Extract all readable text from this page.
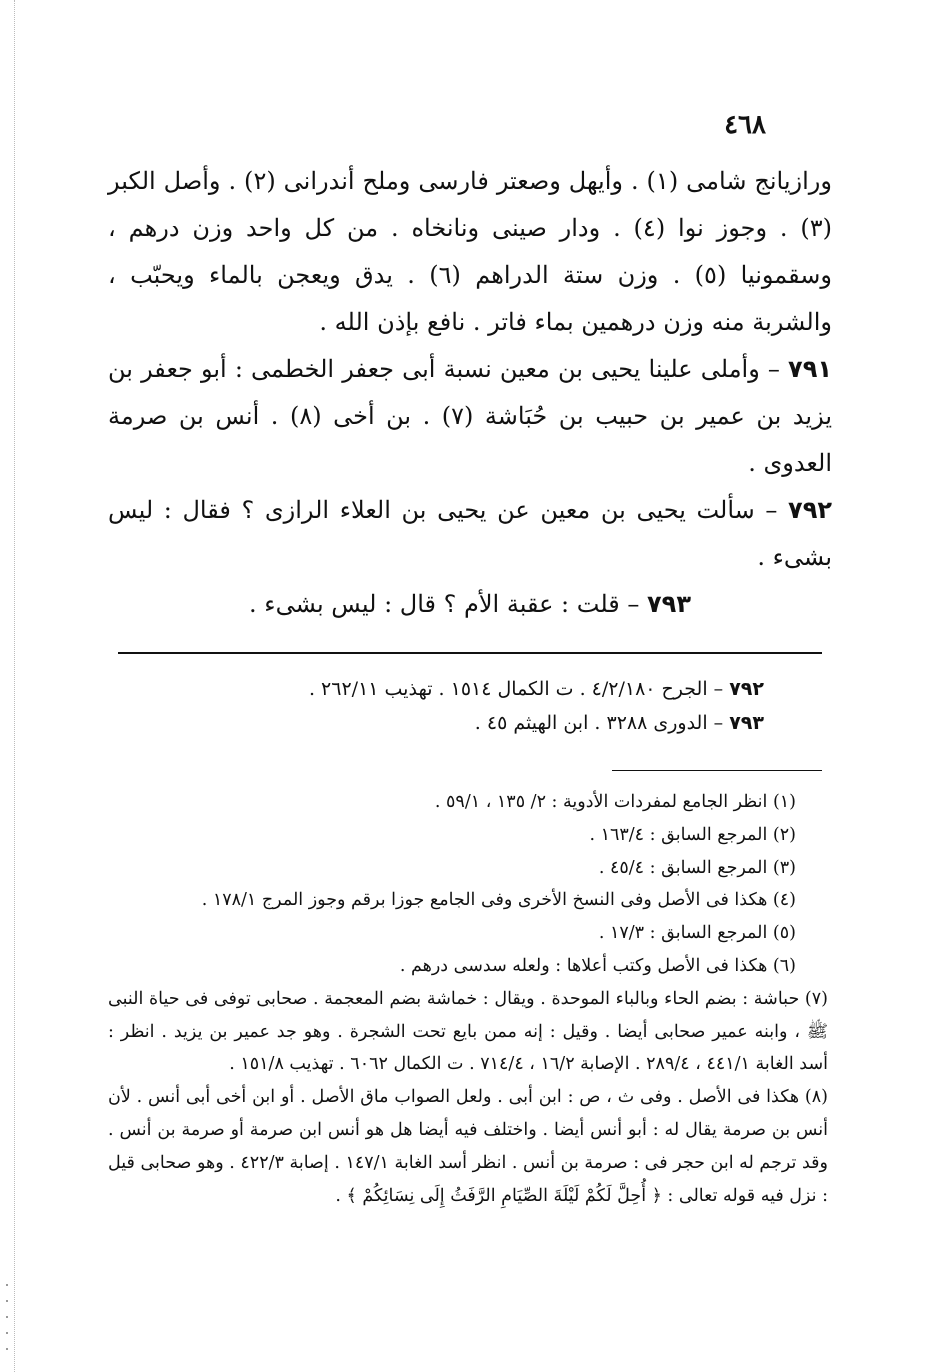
٤٦٨

ورازيانج شامى (١) . وأيهل وصعتر فارسى وملح أندرانى (٢) . وأصل الكبر (٣) . وجوز نوا (٤) . ودار صينى ونانخاه . من كل واحد وزن درهم ، وسقمونيا (٥) . وزن ستة الدراهم (٦) . يدق ويعجن بالماء ويحبّب ، والشربة منه وزن درهمين بماء فاتر . نافع بإذن الله .

٧٩١ – وأملى علينا يحيى بن معين نسبة أبى جعفر الخطمى : أبو جعفر بن يزيد بن عمير بن حبيب بن حُبَاشة (٧) . بن أخى (٨) . أنس بن صرمة العدوى .

٧٩٢ – سألت يحيى بن معين عن يحيى بن العلاء الرازى ؟ فقال : ليس بشىء .

٧٩٣ – قلت : عقبة الأم ؟ قال : ليس بشىء .

٧٩٢ – الجرح ٤/٢/١٨٠ . ت الكمال ١٥١٤ . تهذيب ٢٦٢/١١ .

٧٩٣ – الدورى ٣٢٨٨ . ابن الهيثم ٤٥ .

(١) انظر الجامع لمفردات الأدوية : ٢/ ١٣٥ ، ٥٩/١ .

(٢) المرجع السابق : ١٦٣/٤ .

(٣) المرجع السابق : ٤٥/٤ .

(٤) هكذا فى الأصل وفى النسخ الأخرى وفى الجامع جوزا برقم وجوز المرج ١٧٨/١ .

(٥) المرجع السابق : ١٧/٣ .

(٦) هكذا فى الأصل وكتب أعلاها : ولعله سدسى درهم .

(٧) حباشة : بضم الحاء وبالباء الموحدة . ويقال : خماشة بضم المعجمة . صحابى توفى فى حياة النبى ﷺ ، وابنه عمير صحابى أيضا . وقيل : إنه ممن بايع تحت الشجرة . وهو جد عمير بن يزيد . انظر : أسد الغابة ٤٤١/١ ، ٢٨٩/٤ . الإصابة ١٦/٢ ، ٧١٤/٤ . ت الكمال ٦٠٦٢ . تهذيب ١٥١/٨ .

(٨) هكذا فى الأصل . وفى ث ، ص : ابن أبى . ولعل الصواب ماق الأصل . أو ابن أخى أبى أنس . لأن أنس بن صرمة يقال له : أبو أنس أيضا . واختلف فيه أيضا هل هو أنس ابن صرمة أو صرمة بن أنس . وقد ترجم له ابن حجر فى : صرمة بن أنس . انظر أسد الغابة ١٤٧/١ . إصابة ٤٢٢/٣ . وهو صحابى قيل : نزل فيه قوله تعالى : ﴿ أُحِلَّ لَكُمْ لَيْلَةَ الصِّيَامِ الرَّفَثُ إِلَى نِسَائِكُمْ ﴾ .
